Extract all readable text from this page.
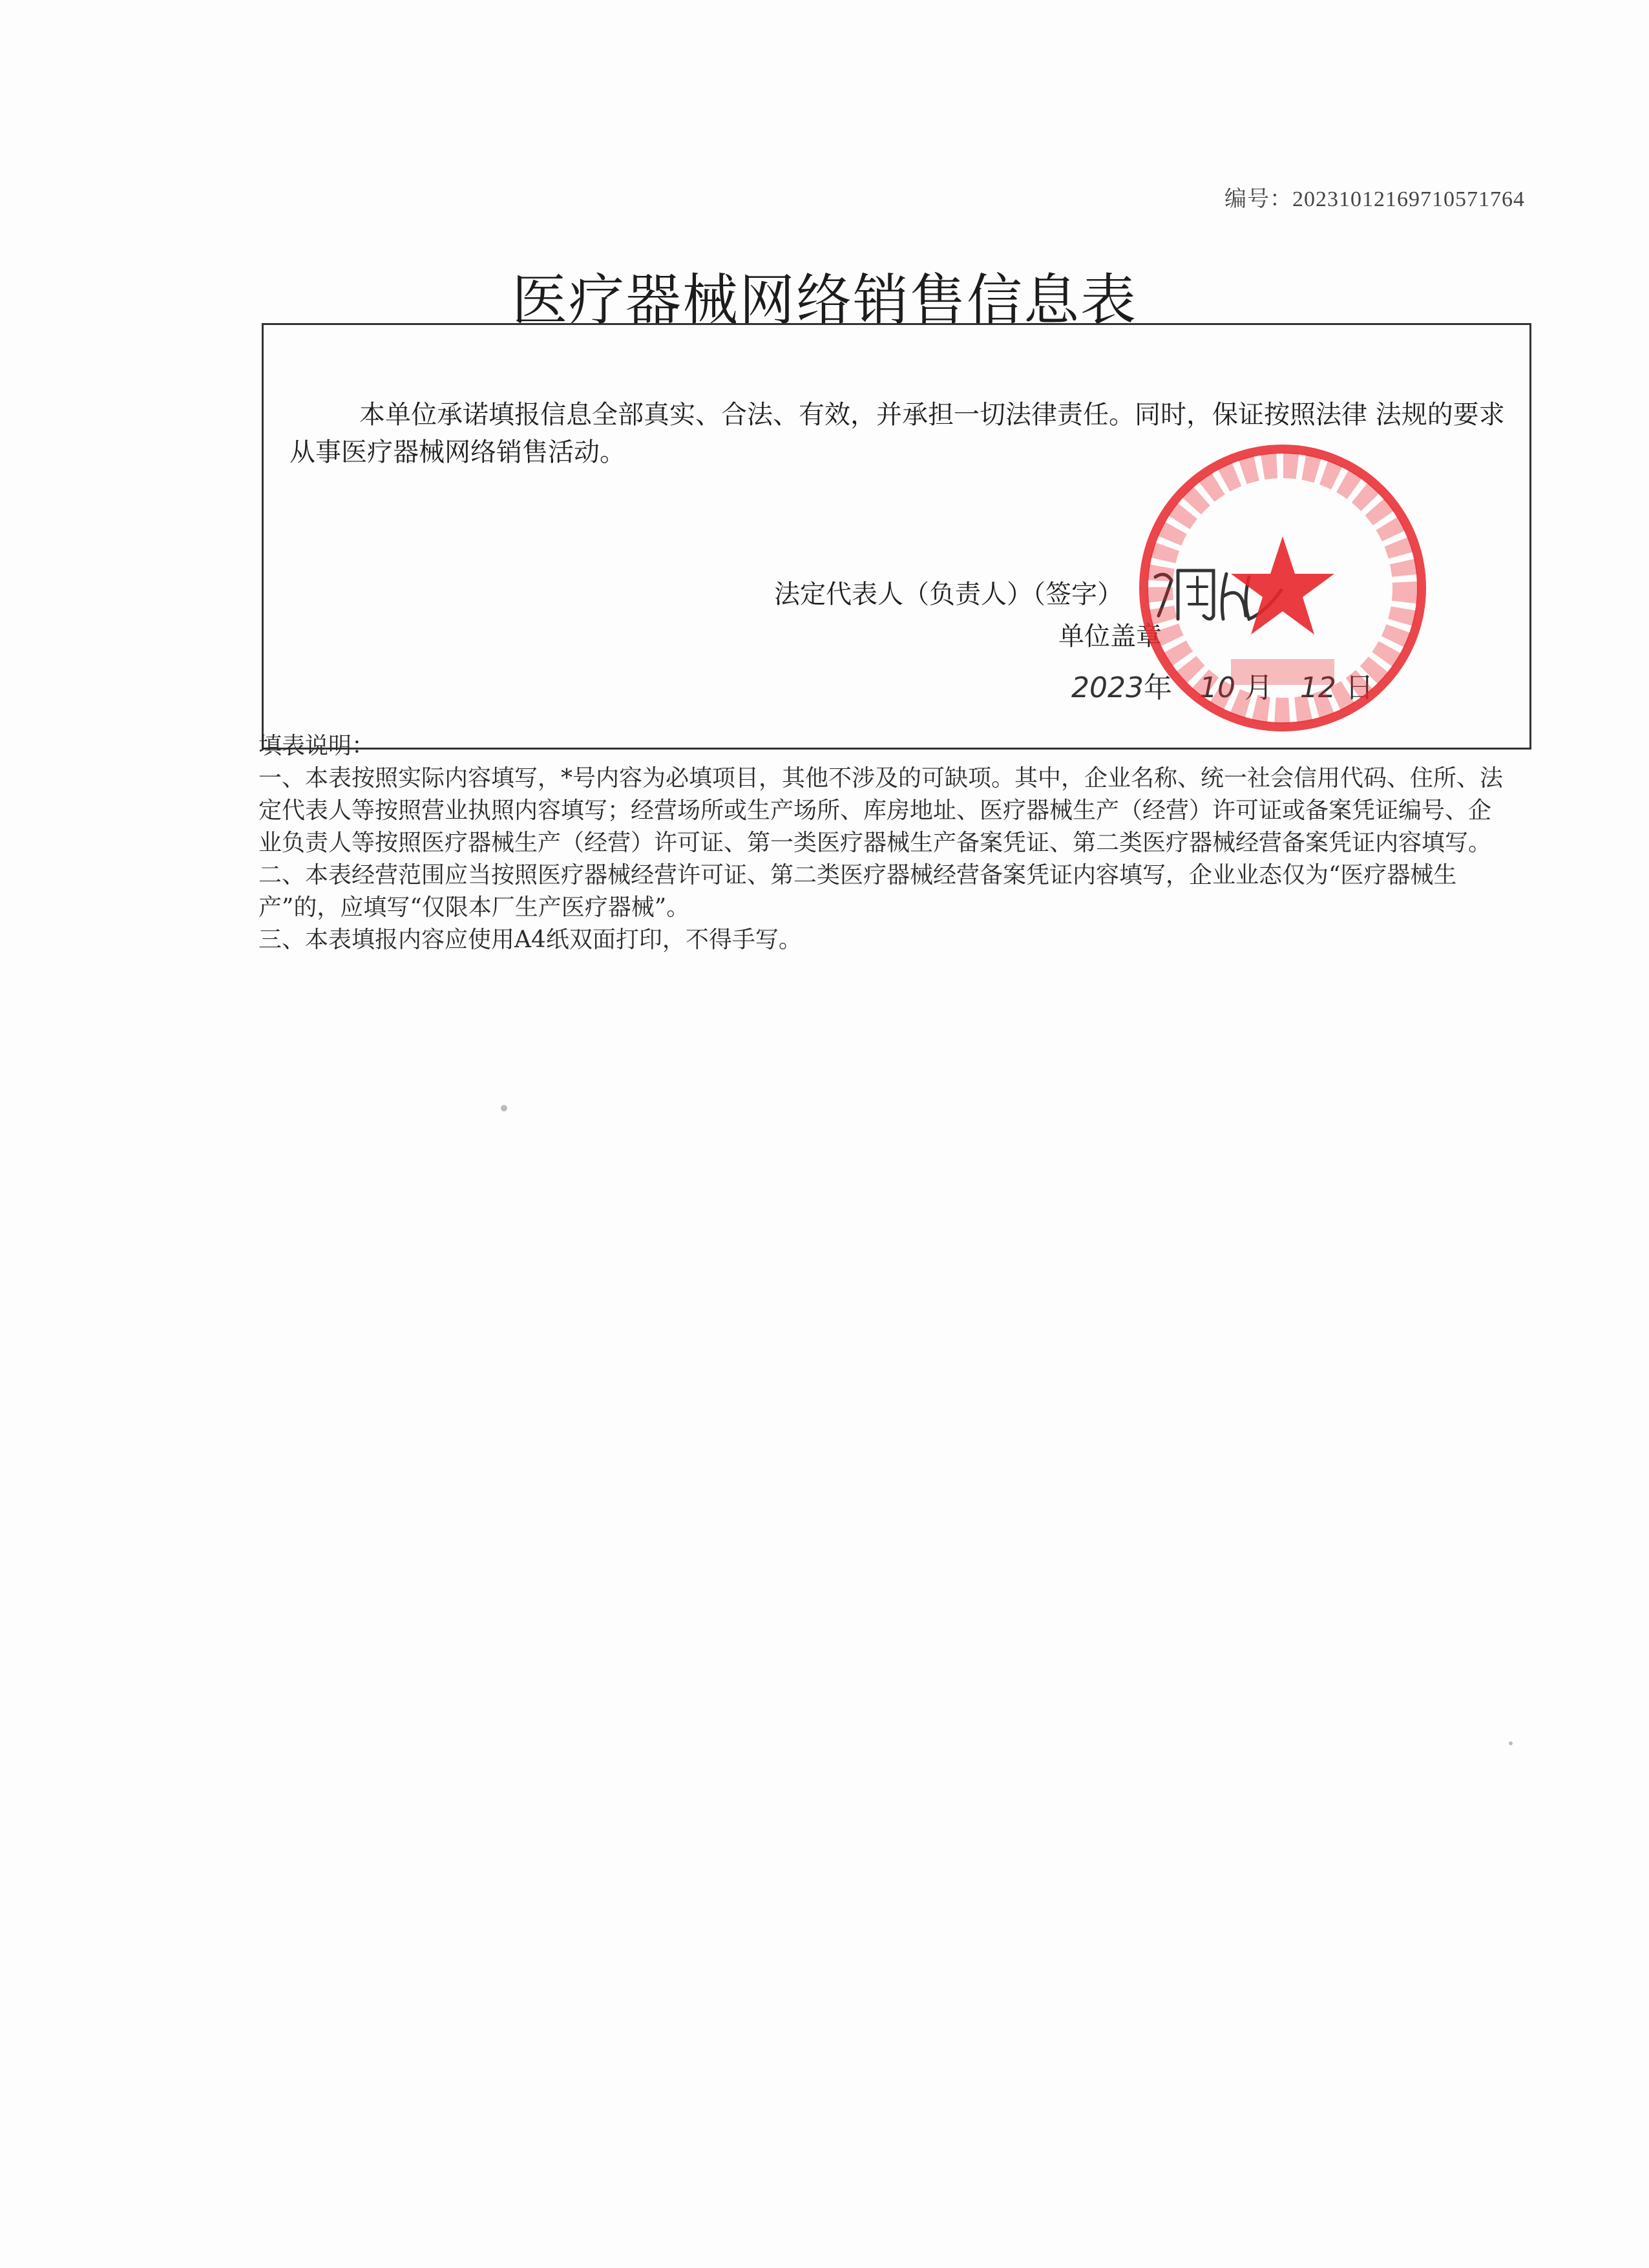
编号：20231012169710571764
医疗器械网络销售信息表
本单位承诺填报信息全部真实、合法、有效，并承担一切法律责任。同时，保证按照法律 法规的要求从事医疗器械网络销售活动。
法定代表人（负责人）（签字）
单位盖章
2023年 10 月 12 日

填表说明：

一、本表按照实际内容填写，*号内容为必填项目，其他不涉及的可缺项。其中，企业名称、统一社会信用代码、住所、法定代表人等按照营业执照内容填写；经营场所或生产场所、库房地址、医疗器械生产（经营）许可证或备案凭证编号、企业负责人等按照医疗器械生产（经营）许可证、第一类医疗器械生产备案凭证、第二类医疗器械经营备案凭证内容填写。

二、本表经营范围应当按照医疗器械经营许可证、第二类医疗器械经营备案凭证内容填写，企业业态仅为“医疗器械生产”的，应填写“仅限本厂生产医疗器械”。

三、本表填报内容应使用A4纸双面打印，不得手写。
